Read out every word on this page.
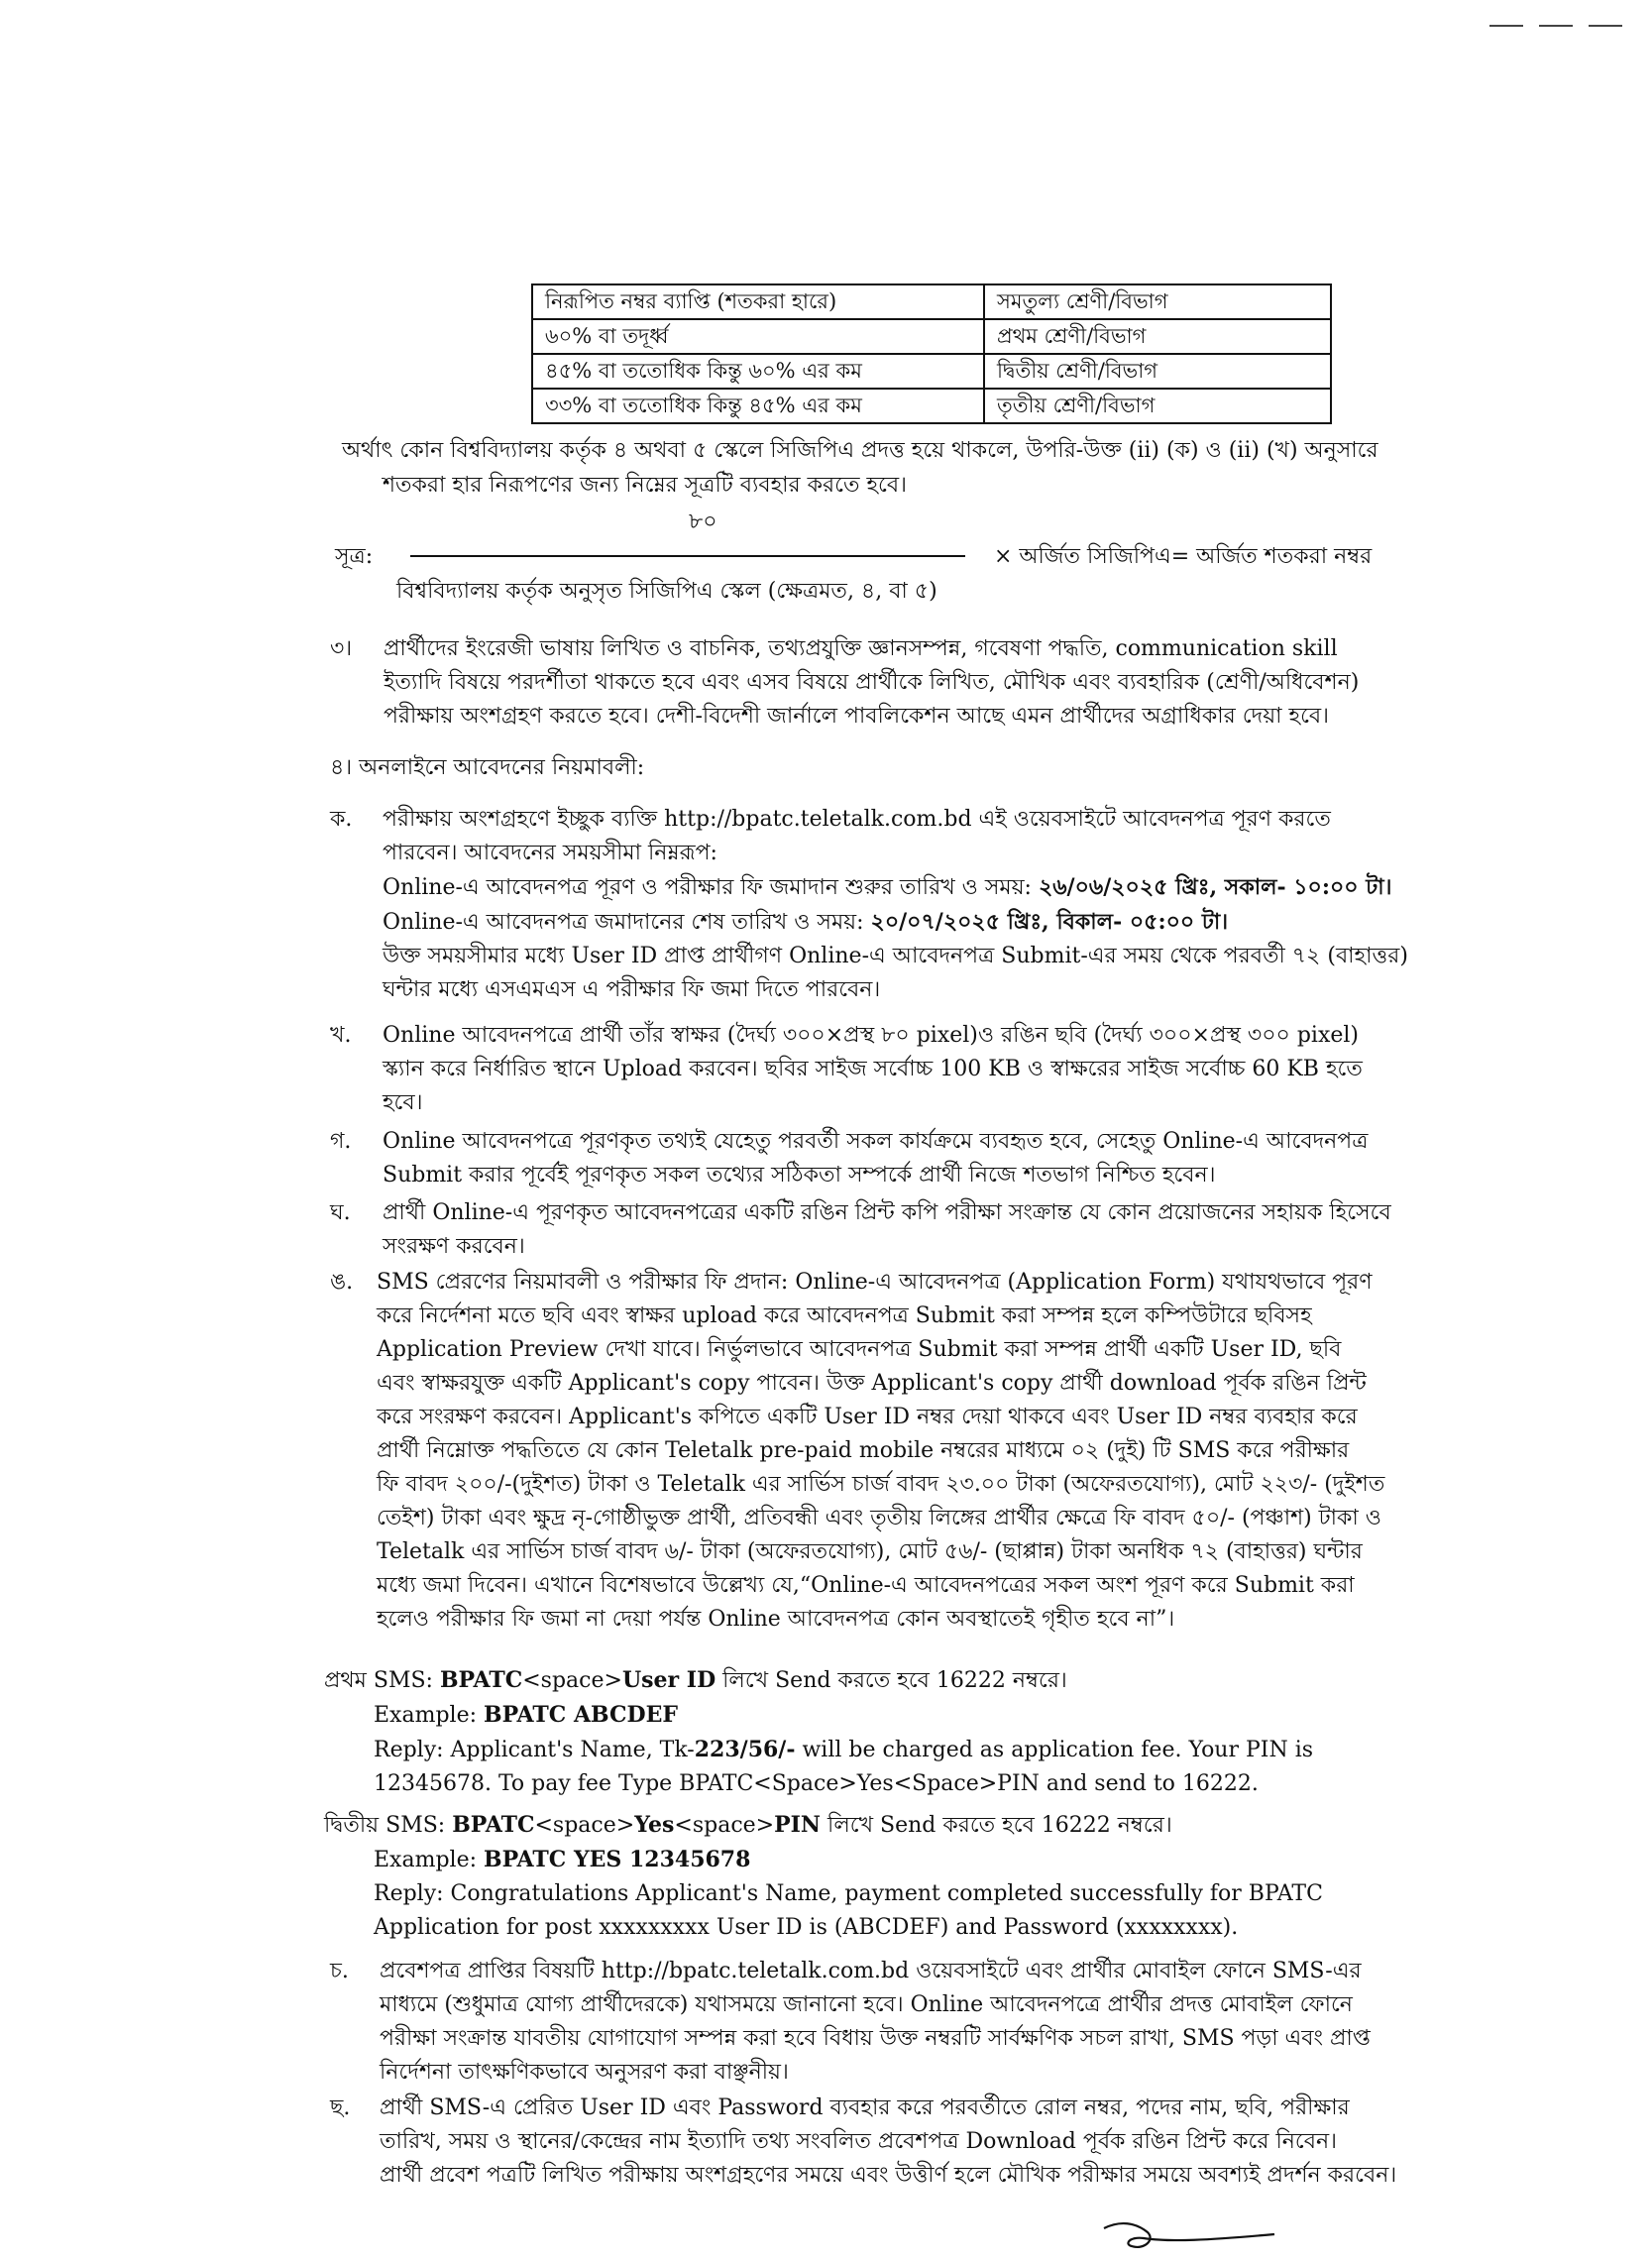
নিরূপিত নম্বর ব্যাপ্তি (শতকরা হারে)	সমতুল্য শ্রেণী/বিভাগ
৬০% বা তদূর্ধ্ব	প্রথম শ্রেণী/বিভাগ
৪৫% বা ততোধিক কিন্তু ৬০% এর কম	দ্বিতীয় শ্রেণী/বিভাগ
৩৩% বা ততোধিক কিন্তু ৪৫% এর কম	তৃতীয় শ্রেণী/বিভাগ
অর্থাৎ কোন বিশ্ববিদ্যালয় কর্তৃক ৪ অথবা ৫ স্কেলে সিজিপিএ প্রদত্ত হয়ে থাকলে, উপরি-উক্ত (ii) (ক) ও (ii) (খ) অনুসারে
শতকরা হার নিরূপণের জন্য নিম্নের সূত্রটি ব্যবহার করতে হবে।
৮০
সূত্র:	× অর্জিত সিজিপিএ= অর্জিত শতকরা নম্বর
বিশ্ববিদ্যালয় কর্তৃক অনুসৃত সিজিপিএ স্কেল (ক্ষেত্রমত, ৪, বা ৫)
৩। প্রার্থীদের ইংরেজী ভাষায় লিখিত ও বাচনিক, তথ্যপ্রযুক্তি জ্ঞানসম্পন্ন, গবেষণা পদ্ধতি, communication skill

ইত্যাদি বিষয়ে পরদর্শীতা থাকতে হবে এবং এসব বিষয়ে প্রার্থীকে লিখিত, মৌখিক এবং ব্যবহারিক (শ্রেণী/অধিবেশন)

পরীক্ষায় অংশগ্রহণ করতে হবে। দেশী-বিদেশী জার্নালে পাবলিকেশন আছে এমন প্রার্থীদের অগ্রাধিকার দেয়া হবে।

৪। অনলাইনে আবেদনের নিয়মাবলী:
ক. পরীক্ষায় অংশগ্রহণে ইচ্ছুক ব্যক্তি http://bpatc.teletalk.com.bd এই ওয়েবসাইটে আবেদনপত্র পূরণ করতে

পারবেন। আবেদনের সময়সীমা নিম্নরূপ:

Online-এ আবেদনপত্র পূরণ ও পরীক্ষার ফি জমাদান শুরুর তারিখ ও সময়: ২৬/০৬/২০২৫ খ্রিঃ, সকাল- ১০:০০ টা।

Online-এ আবেদনপত্র জমাদানের শেষ তারিখ ও সময়: ২০/০৭/২০২৫ খ্রিঃ, বিকাল- ০৫:০০ টা।

উক্ত সময়সীমার মধ্যে User ID প্রাপ্ত প্রার্থীগণ Online-এ আবেদনপত্র Submit-এর সময় থেকে পরবর্তী ৭২ (বাহাত্তর)

ঘন্টার মধ্যে এসএমএস এ পরীক্ষার ফি জমা দিতে পারবেন।

খ. Online আবেদনপত্রে প্রার্থী তাঁর স্বাক্ষর (দৈর্ঘ্য ৩০০×প্রস্থ ৮০ pixel)ও রঙিন ছবি (দৈর্ঘ্য ৩০০×প্রস্থ ৩০০ pixel)

স্ক্যান করে নির্ধারিত স্থানে Upload করবেন। ছবির সাইজ সর্বোচ্চ 100 KB ও স্বাক্ষরের সাইজ সর্বোচ্চ 60 KB হতে

হবে।

গ. Online আবেদনপত্রে পূরণকৃত তথ্যই যেহেতু পরবর্তী সকল কার্যক্রমে ব্যবহৃত হবে, সেহেতু Online-এ আবেদনপত্র

Submit করার পূর্বেই পূরণকৃত সকল তথ্যের সঠিকতা সম্পর্কে প্রার্থী নিজে শতভাগ নিশ্চিত হবেন।

ঘ. প্রার্থী Online-এ পূরণকৃত আবেদনপত্রের একটি রঙিন প্রিন্ট কপি পরীক্ষা সংক্রান্ত যে কোন প্রয়োজনের সহায়ক হিসেবে

সংরক্ষণ করবেন।

ঙ. SMS প্রেরণের নিয়মাবলী ও পরীক্ষার ফি প্রদান: Online-এ আবেদনপত্র (Application Form) যথাযথভাবে পূরণ

করে নির্দেশনা মতে ছবি এবং স্বাক্ষর upload করে আবেদনপত্র Submit করা সম্পন্ন হলে কম্পিউটারে ছবিসহ

Application Preview দেখা যাবে। নির্ভুলভাবে আবেদনপত্র Submit করা সম্পন্ন প্রার্থী একটি User ID, ছবি

এবং স্বাক্ষরযুক্ত একটি Applicant's copy পাবেন। উক্ত Applicant's copy প্রার্থী download পূর্বক রঙিন প্রিন্ট

করে সংরক্ষণ করবেন। Applicant's কপিতে একটি User ID নম্বর দেয়া থাকবে এবং User ID নম্বর ব্যবহার করে

প্রার্থী নিম্নোক্ত পদ্ধতিতে যে কোন Teletalk pre-paid mobile নম্বরের মাধ্যমে ০২ (দুই) টি SMS করে পরীক্ষার

ফি বাবদ ২০০/-(দুইশত) টাকা ও Teletalk এর সার্ভিস চার্জ বাবদ ২৩.০০ টাকা (অফেরতযোগ্য), মোট ২২৩/- (দুইশত

তেইশ) টাকা এবং ক্ষুদ্র নৃ-গোষ্ঠীভুক্ত প্রার্থী, প্রতিবন্ধী এবং তৃতীয় লিঙ্গের প্রার্থীর ক্ষেত্রে ফি বাবদ ৫০/- (পঞ্চাশ) টাকা ও

Teletalk এর সার্ভিস চার্জ বাবদ ৬/- টাকা (অফেরতযোগ্য), মোট ৫৬/- (ছাপ্পান্ন) টাকা অনধিক ৭২ (বাহাত্তর) ঘন্টার

মধ্যে জমা দিবেন। এখানে বিশেষভাবে উল্লেখ্য যে,“Online-এ আবেদনপত্রের সকল অংশ পূরণ করে Submit করা

হলেও পরীক্ষার ফি জমা না দেয়া পর্যন্ত Online আবেদনপত্র কোন অবস্থাতেই গৃহীত হবে না”।

প্রথম SMS: BPATC<space>User ID লিখে Send করতে হবে 16222 নম্বরে।

Example: BPATC ABCDEF

Reply: Applicant's Name, Tk-223/56/- will be charged as application fee. Your PIN is

12345678. To pay fee Type BPATC<Space>Yes<Space>PIN and send to 16222.

দ্বিতীয় SMS: BPATC<space>Yes<space>PIN লিখে Send করতে হবে 16222 নম্বরে।

Example: BPATC YES 12345678

Reply: Congratulations Applicant's Name, payment completed successfully for BPATC

Application for post xxxxxxxxx User ID is (ABCDEF) and Password (xxxxxxxx).

চ. প্রবেশপত্র প্রাপ্তির বিষয়টি http://bpatc.teletalk.com.bd ওয়েবসাইটে এবং প্রার্থীর মোবাইল ফোনে SMS-এর

মাধ্যমে (শুধুমাত্র যোগ্য প্রার্থীদেরকে) যথাসময়ে জানানো হবে। Online আবেদনপত্রে প্রার্থীর প্রদত্ত মোবাইল ফোনে

পরীক্ষা সংক্রান্ত যাবতীয় যোগাযোগ সম্পন্ন করা হবে বিধায় উক্ত নম্বরটি সার্বক্ষণিক সচল রাখা, SMS পড়া এবং প্রাপ্ত

নির্দেশনা তাৎক্ষণিকভাবে অনুসরণ করা বাঞ্ছনীয়।

ছ. প্রার্থী SMS-এ প্রেরিত User ID এবং Password ব্যবহার করে পরবর্তীতে রোল নম্বর, পদের নাম, ছবি, পরীক্ষার

তারিখ, সময় ও স্থানের/কেন্দ্রের নাম ইত্যাদি তথ্য সংবলিত প্রবেশপত্র Download পূর্বক রঙিন প্রিন্ট করে নিবেন।

প্রার্থী প্রবেশ পত্রটি লিখিত পরীক্ষায় অংশগ্রহণের সময়ে এবং উত্তীর্ণ হলে মৌখিক পরীক্ষার সময়ে অবশ্যই প্রদর্শন করবেন।
